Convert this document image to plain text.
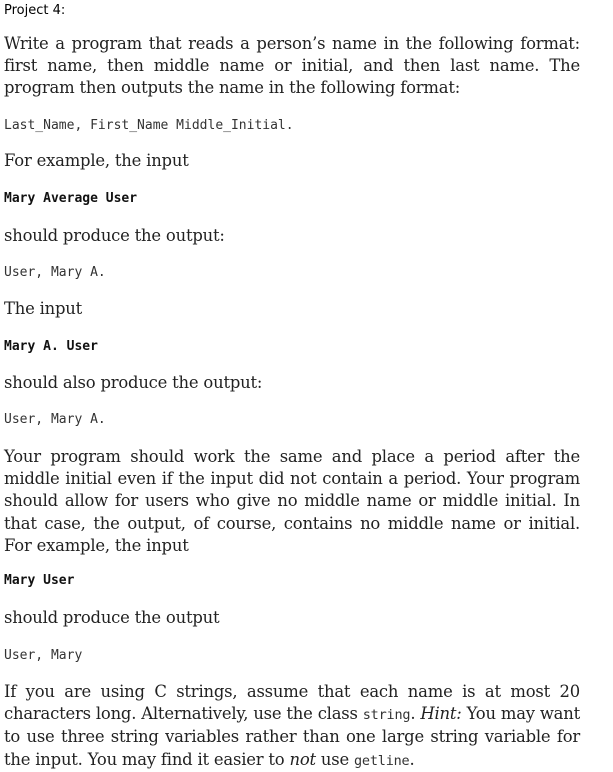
Project 4:
Write a program that reads a person’s name in the following format: first name, then middle name or initial, and then last name. The program then outputs the name in the following format:
Last_Name, First_Name Middle_Initial.
For example, the input
Mary Average User
should produce the output:
User, Mary A.
The input
Mary A. User
should also produce the output:
User, Mary A.
Your program should work the same and place a period after the middle initial even if the input did not contain a period. Your program should allow for users who give no middle name or middle initial. In that case, the output, of course, contains no middle name or initial. For example, the input
Mary User
should produce the output
User, Mary
If you are using C strings, assume that each name is at most 20 characters long. Alternatively, use the class string. Hint: You may want to use three string variables rather than one large string variable for the input. You may find it easier to not use getline.
